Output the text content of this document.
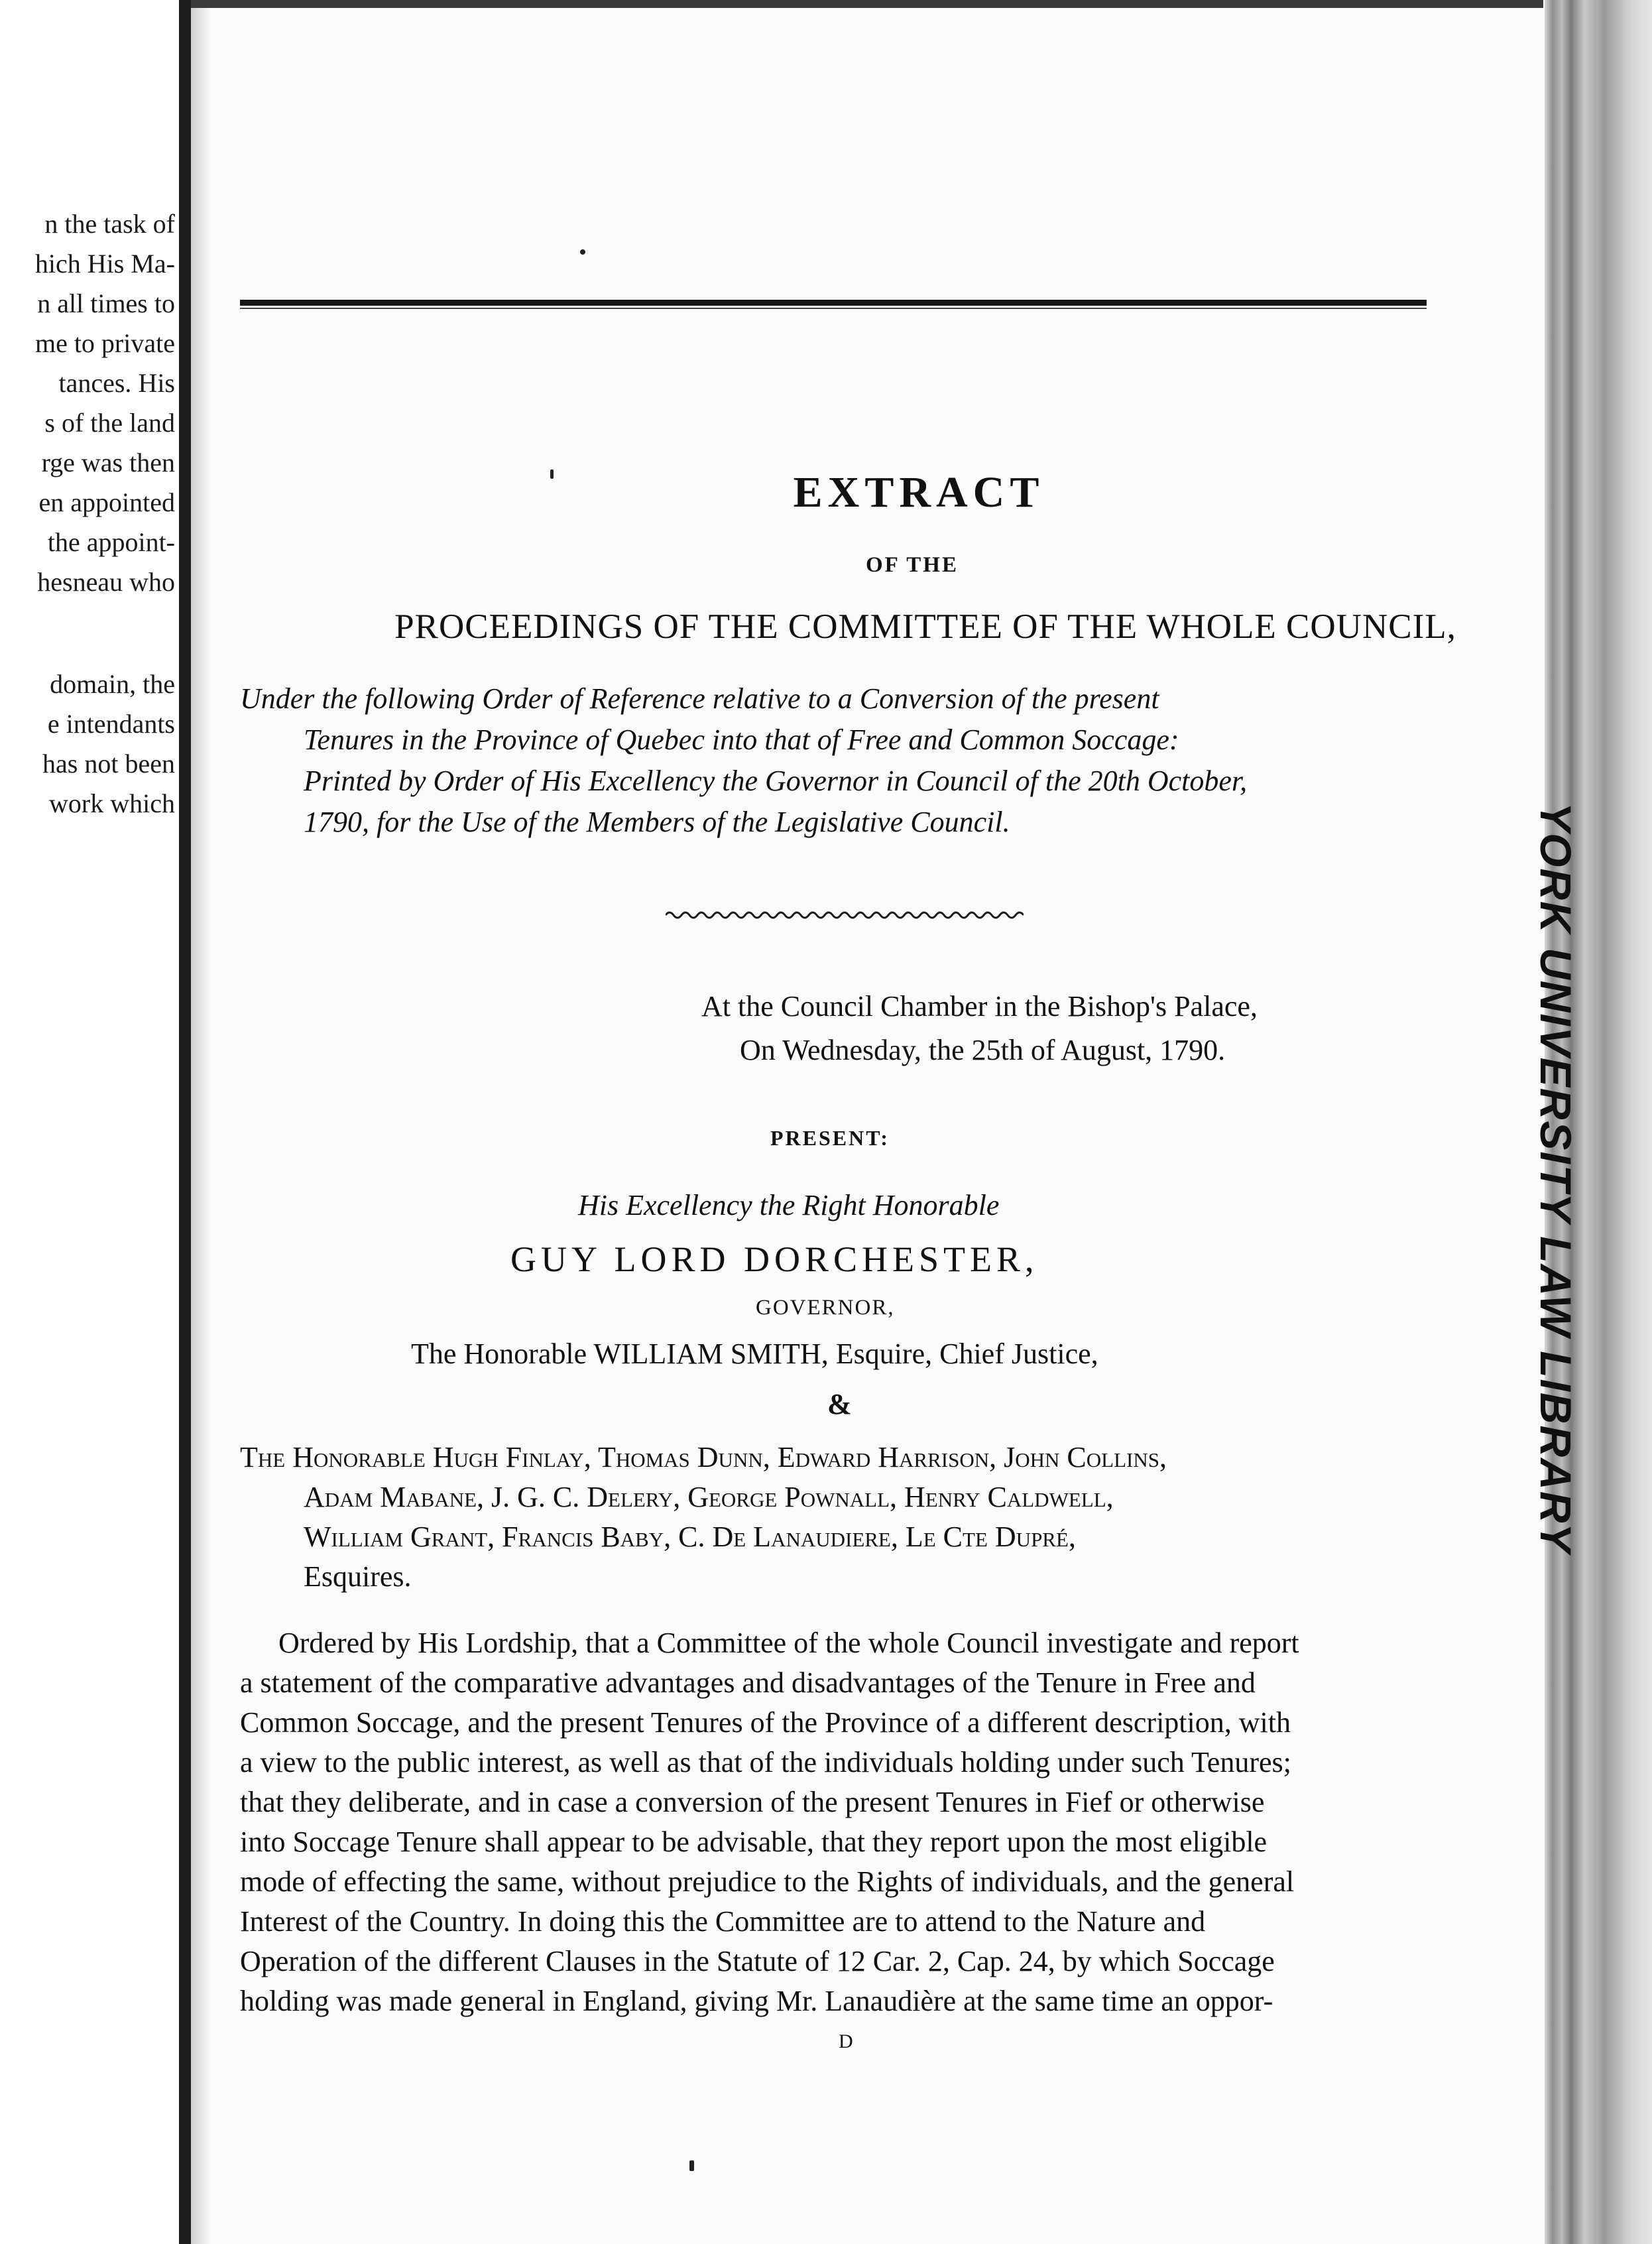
n the task of
hich His Ma-
n all times to
me to private
tances. His
s of the land
rge was then
en appointed
the appoint-
hesneau who
domain, the
e intendants
has not been
work which	YORK UNIVERSITY LAW LIBRARY
EXTRACT
OF THE
PROCEEDINGS OF THE COMMITTEE OF THE WHOLE COUNCIL,
Under the following Order of Reference relative to a Conversion of the present
Tenures in the Province of Quebec into that of Free and Common Soccage:
Printed by Order of His Excellency the Governor in Council of the 20th October,
1790, for the Use of the Members of the Legislative Council.
At the Council Chamber in the Bishop's Palace,
On Wednesday, the 25th of August, 1790.
PRESENT:
His Excellency the Right Honorable
GUY LORD DORCHESTER,
GOVERNOR,
The Honorable WILLIAM SMITH, Esquire, Chief Justice,
&
The Honorable Hugh Finlay, Thomas Dunn, Edward Harrison, John Collins,
Adam Mabane, J. G. C. Delery, George Pownall, Henry Caldwell,
William Grant, Francis Baby, C. De Lanaudiere, Le Cte Dupré,
Esquires.
Ordered by His Lordship, that a Committee of the whole Council investigate and report
a statement of the comparative advantages and disadvantages of the Tenure in Free and
Common Soccage, and the present Tenures of the Province of a different description, with
a view to the public interest, as well as that of the individuals holding under such Tenures;
that they deliberate, and in case a conversion of the present Tenures in Fief or otherwise
into Soccage Tenure shall appear to be advisable, that they report upon the most eligible
mode of effecting the same, without prejudice to the Rights of individuals, and the general
Interest of the Country. In doing this the Committee are to attend to the Nature and
Operation of the different Clauses in the Statute of 12 Car. 2, Cap. 24, by which Soccage
holding was made general in England, giving Mr. Lanaudière at the same time an oppor-
D
